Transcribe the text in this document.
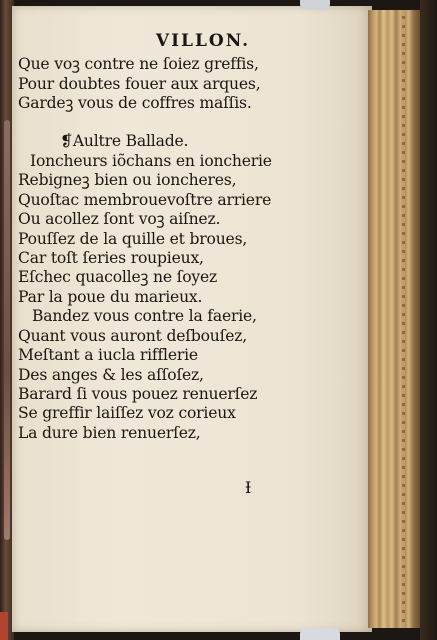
VILLON.
Que voꝫ contre ne ſoiez greffis,
Pour doubtes fouer aux arques,
Gardeꝫ vous de coffres maſſis.
❡Aultre Ballade.
Ioncheurs iõchans en ioncherie
Rebigneꝫ bien ou ioncheres,
Quoſtac membrouevoſtre arriere
Ou acollez ſont voꝫ aiſnez.
Pouſſez de la quille et broues,
Car toſt ſeries roupieux,
Eſchec quacolleꝫ ne ſoyez
Par la poue du marieux.
Bandez vous contre la faerie,
Quant vous auront deſbouſez,
Meſtant a iucla rifflerie
Des anges & les aſſoſez,
Barard ſi vous pouez renuerſez
Se greffir laiſſez voz corieux
La dure bien renuerſez,
Ɨ
